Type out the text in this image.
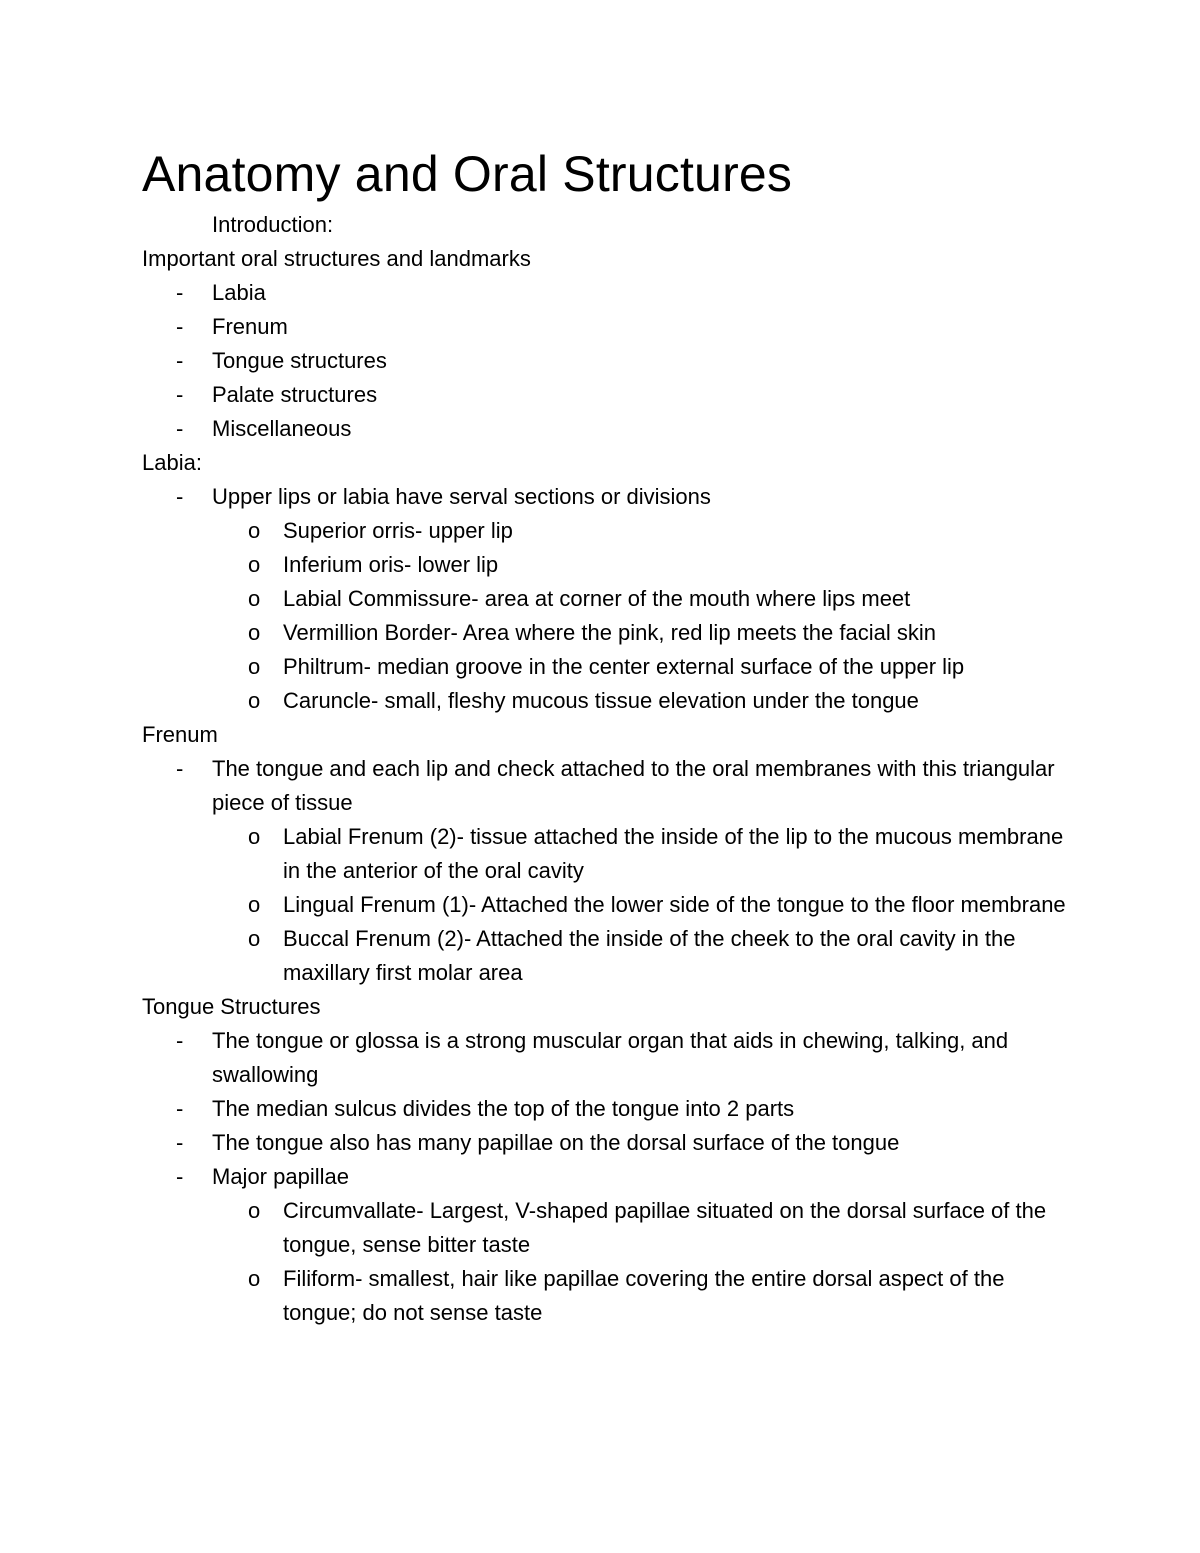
Anatomy and Oral Structures
Introduction:
Important oral structures and landmarks
- Labia
- Frenum
- Tongue structures
- Palate structures
- Miscellaneous
Labia:
- Upper lips or labia have serval sections or divisions
o Superior orris- upper lip
o Inferium oris- lower lip
o Labial Commissure- area at corner of the mouth where lips meet
o Vermillion Border- Area where the pink, red lip meets the facial skin
o Philtrum- median groove in the center external surface of the upper lip
o Caruncle- small, fleshy mucous tissue elevation under the tongue
Frenum
- The tongue and each lip and check attached to the oral membranes with this triangular piece of tissue
o Labial Frenum (2)- tissue attached the inside of the lip to the mucous membrane in the anterior of the oral cavity
o Lingual Frenum (1)- Attached the lower side of the tongue to the floor membrane
o Buccal Frenum (2)- Attached the inside of the cheek to the oral cavity in the maxillary first molar area
Tongue Structures
- The tongue or glossa is a strong muscular organ that aids in chewing, talking, and swallowing
- The median sulcus divides the top of the tongue into 2 parts
- The tongue also has many papillae on the dorsal surface of the tongue
- Major papillae
o Circumvallate- Largest, V-shaped papillae situated on the dorsal surface of the tongue, sense bitter taste
o Filiform- smallest, hair like papillae covering the entire dorsal aspect of the tongue; do not sense taste
